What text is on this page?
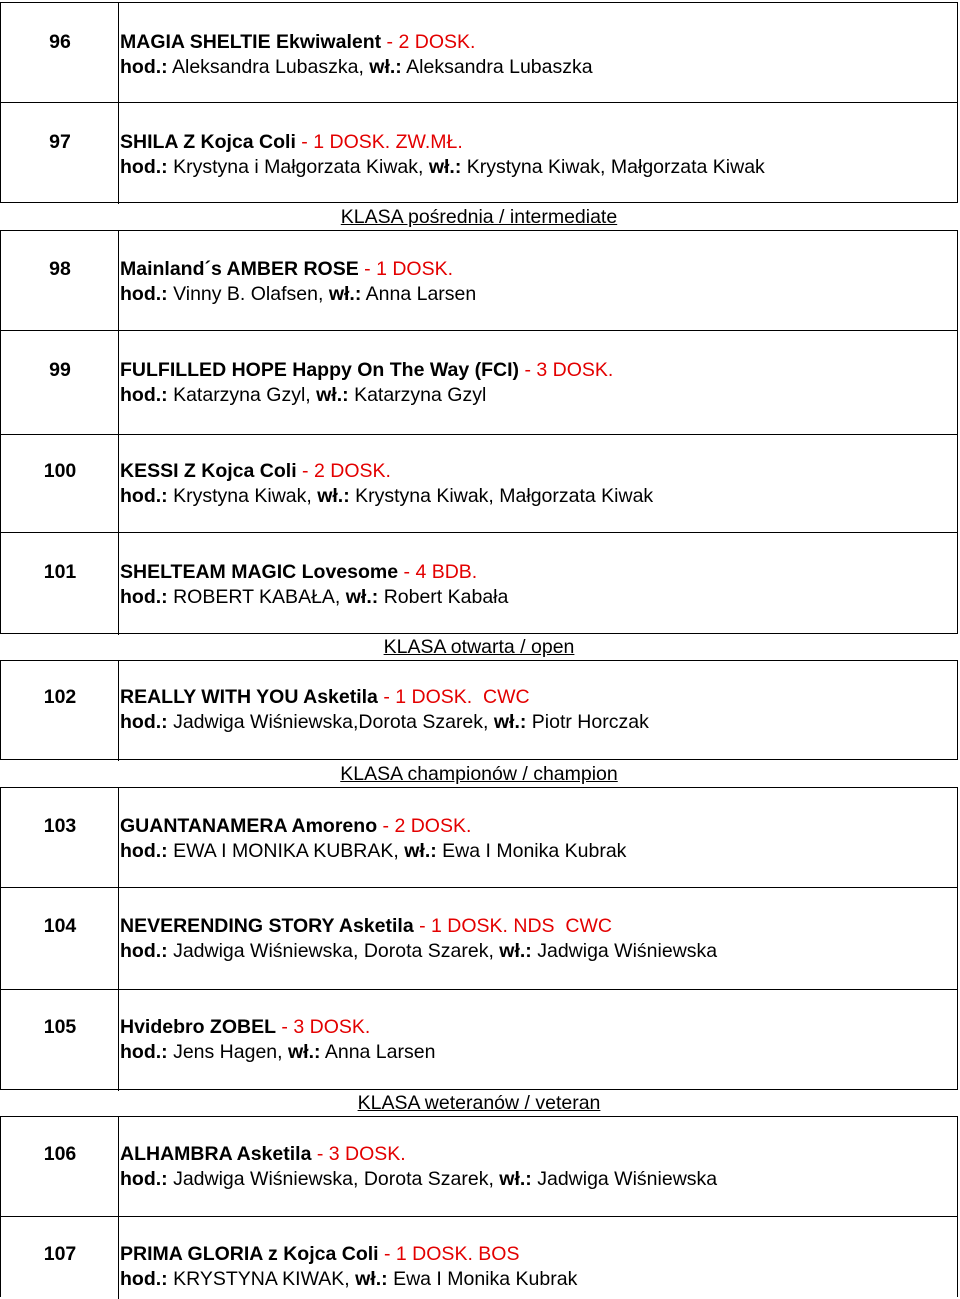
96	MAGIA SHELTIE Ekwiwalent - 2 DOSK.
hod.: Aleksandra Lubaszka, wł.: Aleksandra Lubaszka
97	SHILA Z Kojca Coli - 1 DOSK. ZW.MŁ.
hod.: Krystyna i Małgorzata Kiwak, wł.: Krystyna Kiwak, Małgorzata Kiwak
KLASA pośrednia / intermediate
98	Mainland´s AMBER ROSE - 1 DOSK.
hod.: Vinny B. Olafsen, wł.: Anna Larsen
99	FULFILLED HOPE Happy On The Way (FCI) - 3 DOSK.
hod.: Katarzyna Gzyl, wł.: Katarzyna Gzyl
100	KESSI Z Kojca Coli - 2 DOSK.
hod.: Krystyna Kiwak, wł.: Krystyna Kiwak, Małgorzata Kiwak
101	SHELTEAM MAGIC Lovesome - 4 BDB.
hod.: ROBERT KABAŁA, wł.: Robert Kabała
KLASA otwarta / open
102	REALLY WITH YOU Asketila - 1 DOSK.  CWC
hod.: Jadwiga Wiśniewska,Dorota Szarek, wł.: Piotr Horczak
KLASA championów / champion
103	GUANTANAMERA Amoreno - 2 DOSK.
hod.: EWA I MONIKA KUBRAK, wł.: Ewa I Monika Kubrak
104	NEVERENDING STORY Asketila - 1 DOSK. NDS  CWC
hod.: Jadwiga Wiśniewska, Dorota Szarek, wł.: Jadwiga Wiśniewska
105	Hvidebro ZOBEL - 3 DOSK.
hod.: Jens Hagen, wł.: Anna Larsen
KLASA weteranów / veteran
106	ALHAMBRA Asketila - 3 DOSK.
hod.: Jadwiga Wiśniewska, Dorota Szarek, wł.: Jadwiga Wiśniewska
107	PRIMA GLORIA z Kojca Coli - 1 DOSK. BOS
hod.: KRYSTYNA KIWAK, wł.: Ewa I Monika Kubrak
